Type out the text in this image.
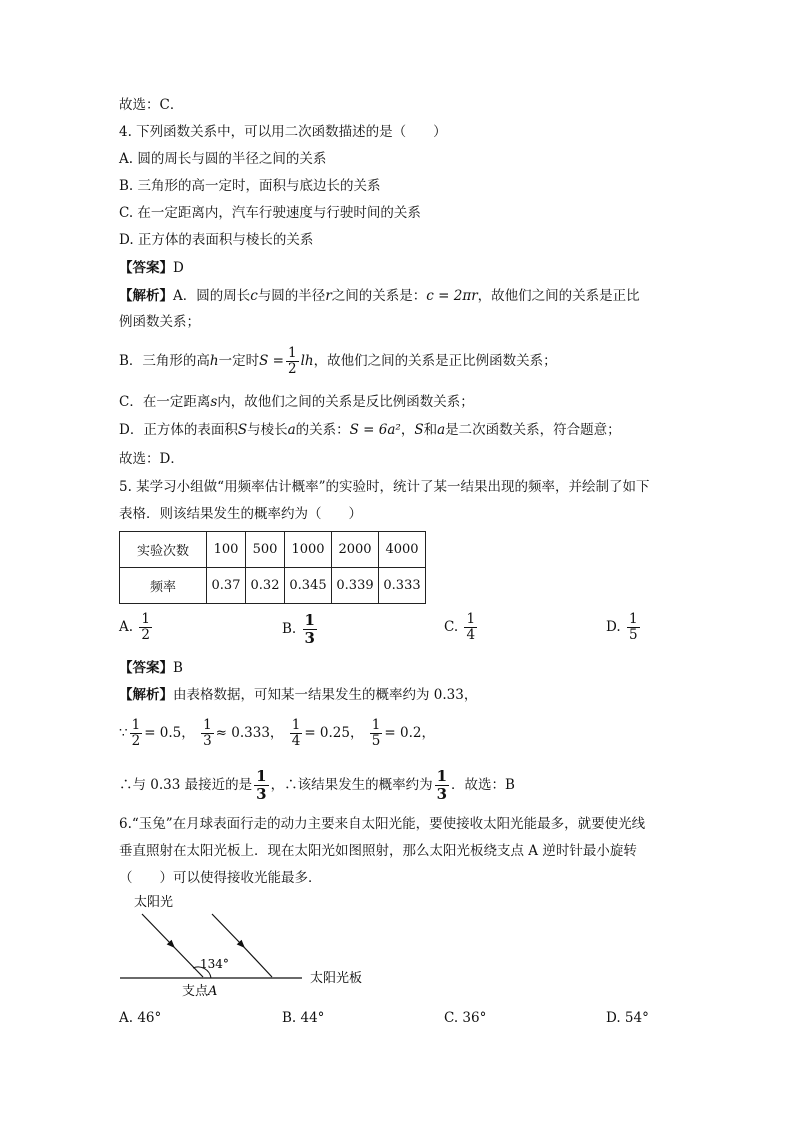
故选：C．
4. 下列函数关系中，可以用二次函数描述的是（　　）
A. 圆的周长与圆的半径之间的关系
B. 三角形的高一定时，面积与底边长的关系
C. 在一定距离内，汽车行驶速度与行驶时间的关系
D. 正方体的表面积与棱长的关系
【答案】D
【解析】A．圆的周长c与圆的半径r之间的关系是：c = 2πr，故他们之间的关系是正比
例函数关系；
B．三角形的高h一定时$S = \frac{1}{2}$ lh，故他们之间的关系是正比例函数关系；
C．在一定距离s内，故他们之间的关系是反比例函数关系；
D．正方体的表面积S与棱长a的关系：S = 6a²，S和a是二次函数关系，符合题意；
故选：D．
5. 某学习小组做“用频率估计概率”的实验时，统计了某一结果出现的频率，并绘制了如下
表格．则该结果发生的概率约为（　　）
实验次数	100	500	1000	2000	4000
频率	0.37	0.32	0.345	0.339	0.333
A. $\frac{1}{2}$	B. $\frac{1}{3}$	C. $\frac{1}{4}$	D. $\frac{1}{5}$
【答案】B
【解析】由表格数据，可知某一结果发生的概率约为 0.33，
∵ $\frac{1}{2} = 0.5$， $\frac{1}{3} \approx 0.333$， $\frac{1}{4} = 0.25$， $\frac{1}{5} = 0.2$，
∴与 0.33 最接近的是 $\frac{1}{3}$ ，∴该结果发生的概率约为 $\frac{1}{3}$ ．故选：B
6.“玉兔”在月球表面行走的动力主要来自太阳光能，要使接收太阳光能最多，就要使光线
垂直照射在太阳光板上．现在太阳光如图照射，那么太阳光板绕支点 A 逆时针最小旋转
（　　）可以使得接收光能最多．
太阳光
134°
支点A
太阳光板
A. 46°	B. 44°	C. 36°	D. 54°
